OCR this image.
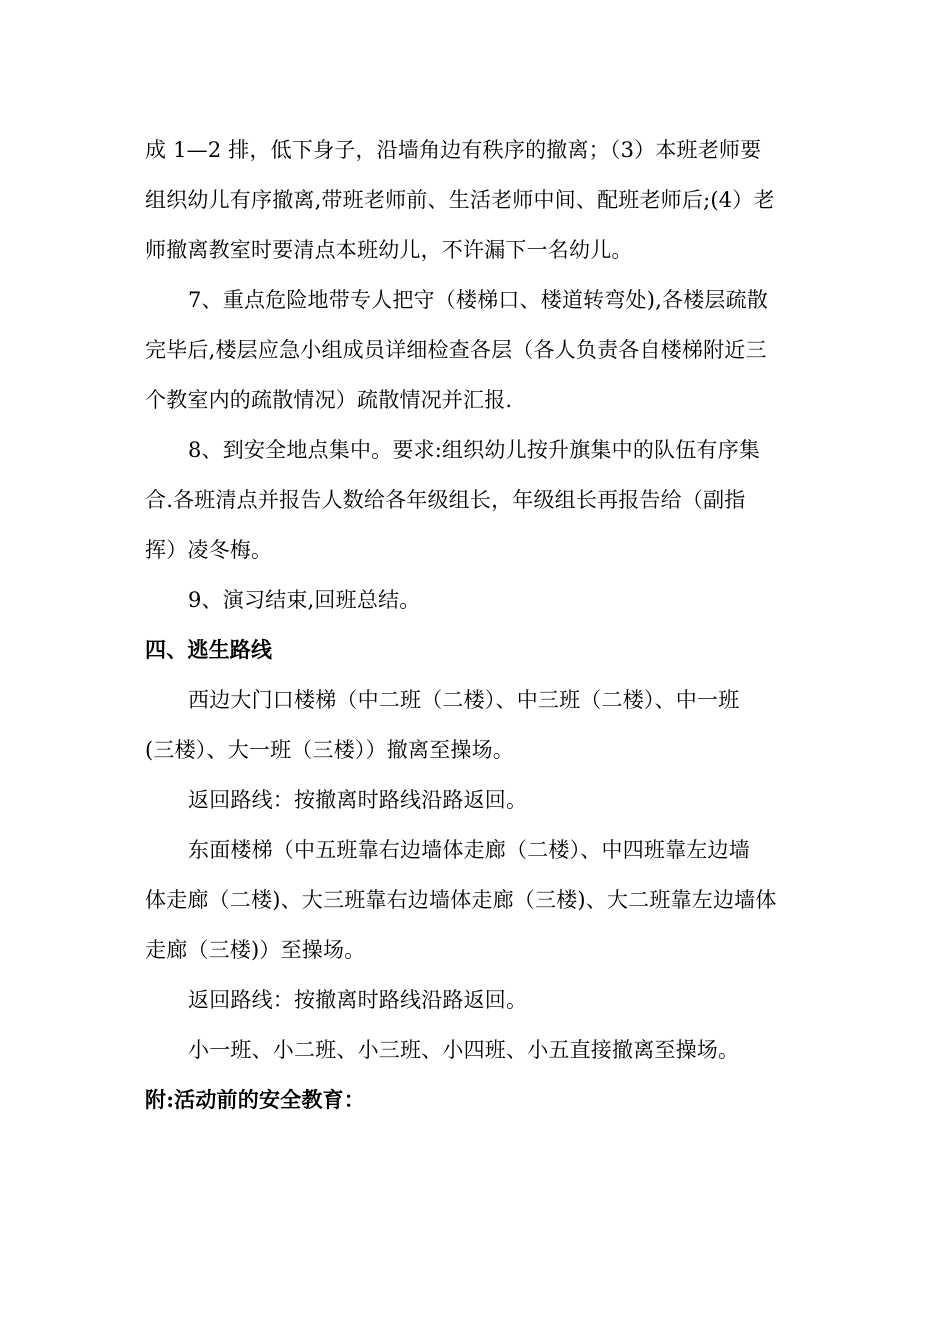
成 1—2 排，低下身子，沿墙角边有秩序的撤离；（3）本班老师要
组织幼儿有序撤离,带班老师前、生活老师中间、配班老师后;(4）老
师撤离教室时要清点本班幼儿，不许漏下一名幼儿。
7、重点危险地带专人把守（楼梯口、楼道转弯处),各楼层疏散
完毕后,楼层应急小组成员详细检查各层（各人负责各自楼梯附近三
个教室内的疏散情况）疏散情况并汇报.
8、到安全地点集中。要求:组织幼儿按升旗集中的队伍有序集
合.各班清点并报告人数给各年级组长，年级组长再报告给（副指
挥）凌冬梅。
9、演习结束,回班总结。
四、逃生路线
西边大门口楼梯（中二班（二楼）、中三班（二楼）、中一班
(三楼）、大一班（三楼））撤离至操场。
返回路线：按撤离时路线沿路返回。
东面楼梯（中五班靠右边墙体走廊（二楼）、中四班靠左边墙
体走廊（二楼)、大三班靠右边墙体走廊（三楼)、大二班靠左边墙体
走廊（三楼)）至操场。
返回路线：按撤离时路线沿路返回。
小一班、小二班、小三班、小四班、小五直接撤离至操场。
附:活动前的安全教育：
